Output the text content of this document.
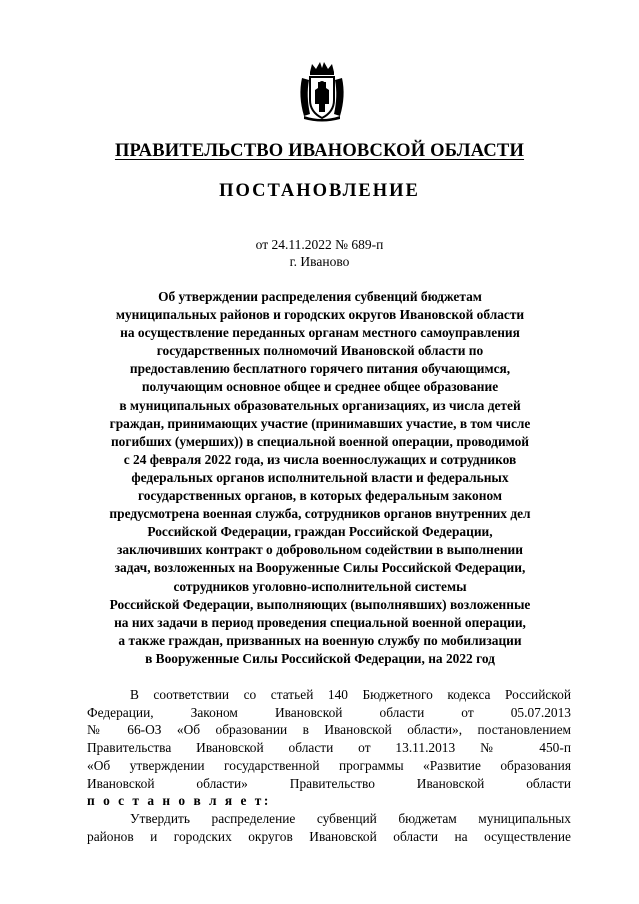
ПРАВИТЕЛЬСТВО ИВАНОВСКОЙ ОБЛАСТИ
ПОСТАНОВЛЕНИЕ
от 24.11.2022 № 689-п
г. Иваново
Об утверждении распределения субвенций бюджетам
муниципальных районов и городских округов Ивановской области
на осуществление переданных органам местного самоуправления
государственных полномочий Ивановской области по
предоставлению бесплатного горячего питания обучающимся,
получающим основное общее и среднее общее образование
в муниципальных образовательных организациях, из числа детей
граждан, принимающих участие (принимавших участие, в том числе
погибших (умерших)) в специальной военной операции, проводимой
с 24 февраля 2022 года, из числа военнослужащих и сотрудников
федеральных органов исполнительной власти и федеральных
государственных органов, в которых федеральным законом
предусмотрена военная служба, сотрудников органов внутренних дел
Российской Федерации, граждан Российской Федерации,
заключивших контракт о добровольном содействии в выполнении
задач, возложенных на Вооруженные Силы Российской Федерации,
сотрудников уголовно-исполнительной системы
Российской Федерации, выполняющих (выполнявших) возложенные
на них задачи в период проведения специальной военной операции,
а также граждан, призванных на военную службу по мобилизации
в Вооруженные Силы Российской Федерации, на 2022 год
В соответствии со статьей 140 Бюджетного кодекса Российской
Федерации, Законом Ивановской области от 05.07.2013
№ 66-ОЗ «Об образовании в Ивановской области», постановлением
Правительства Ивановской области от 13.11.2013 № 450-п
«Об утверждении государственной программы «Развитие образования
Ивановской области» Правительство Ивановской области
п о с т а н о в л я е т:
Утвердить распределение субвенций бюджетам муниципальных
районов и городских округов Ивановской области на осуществление
